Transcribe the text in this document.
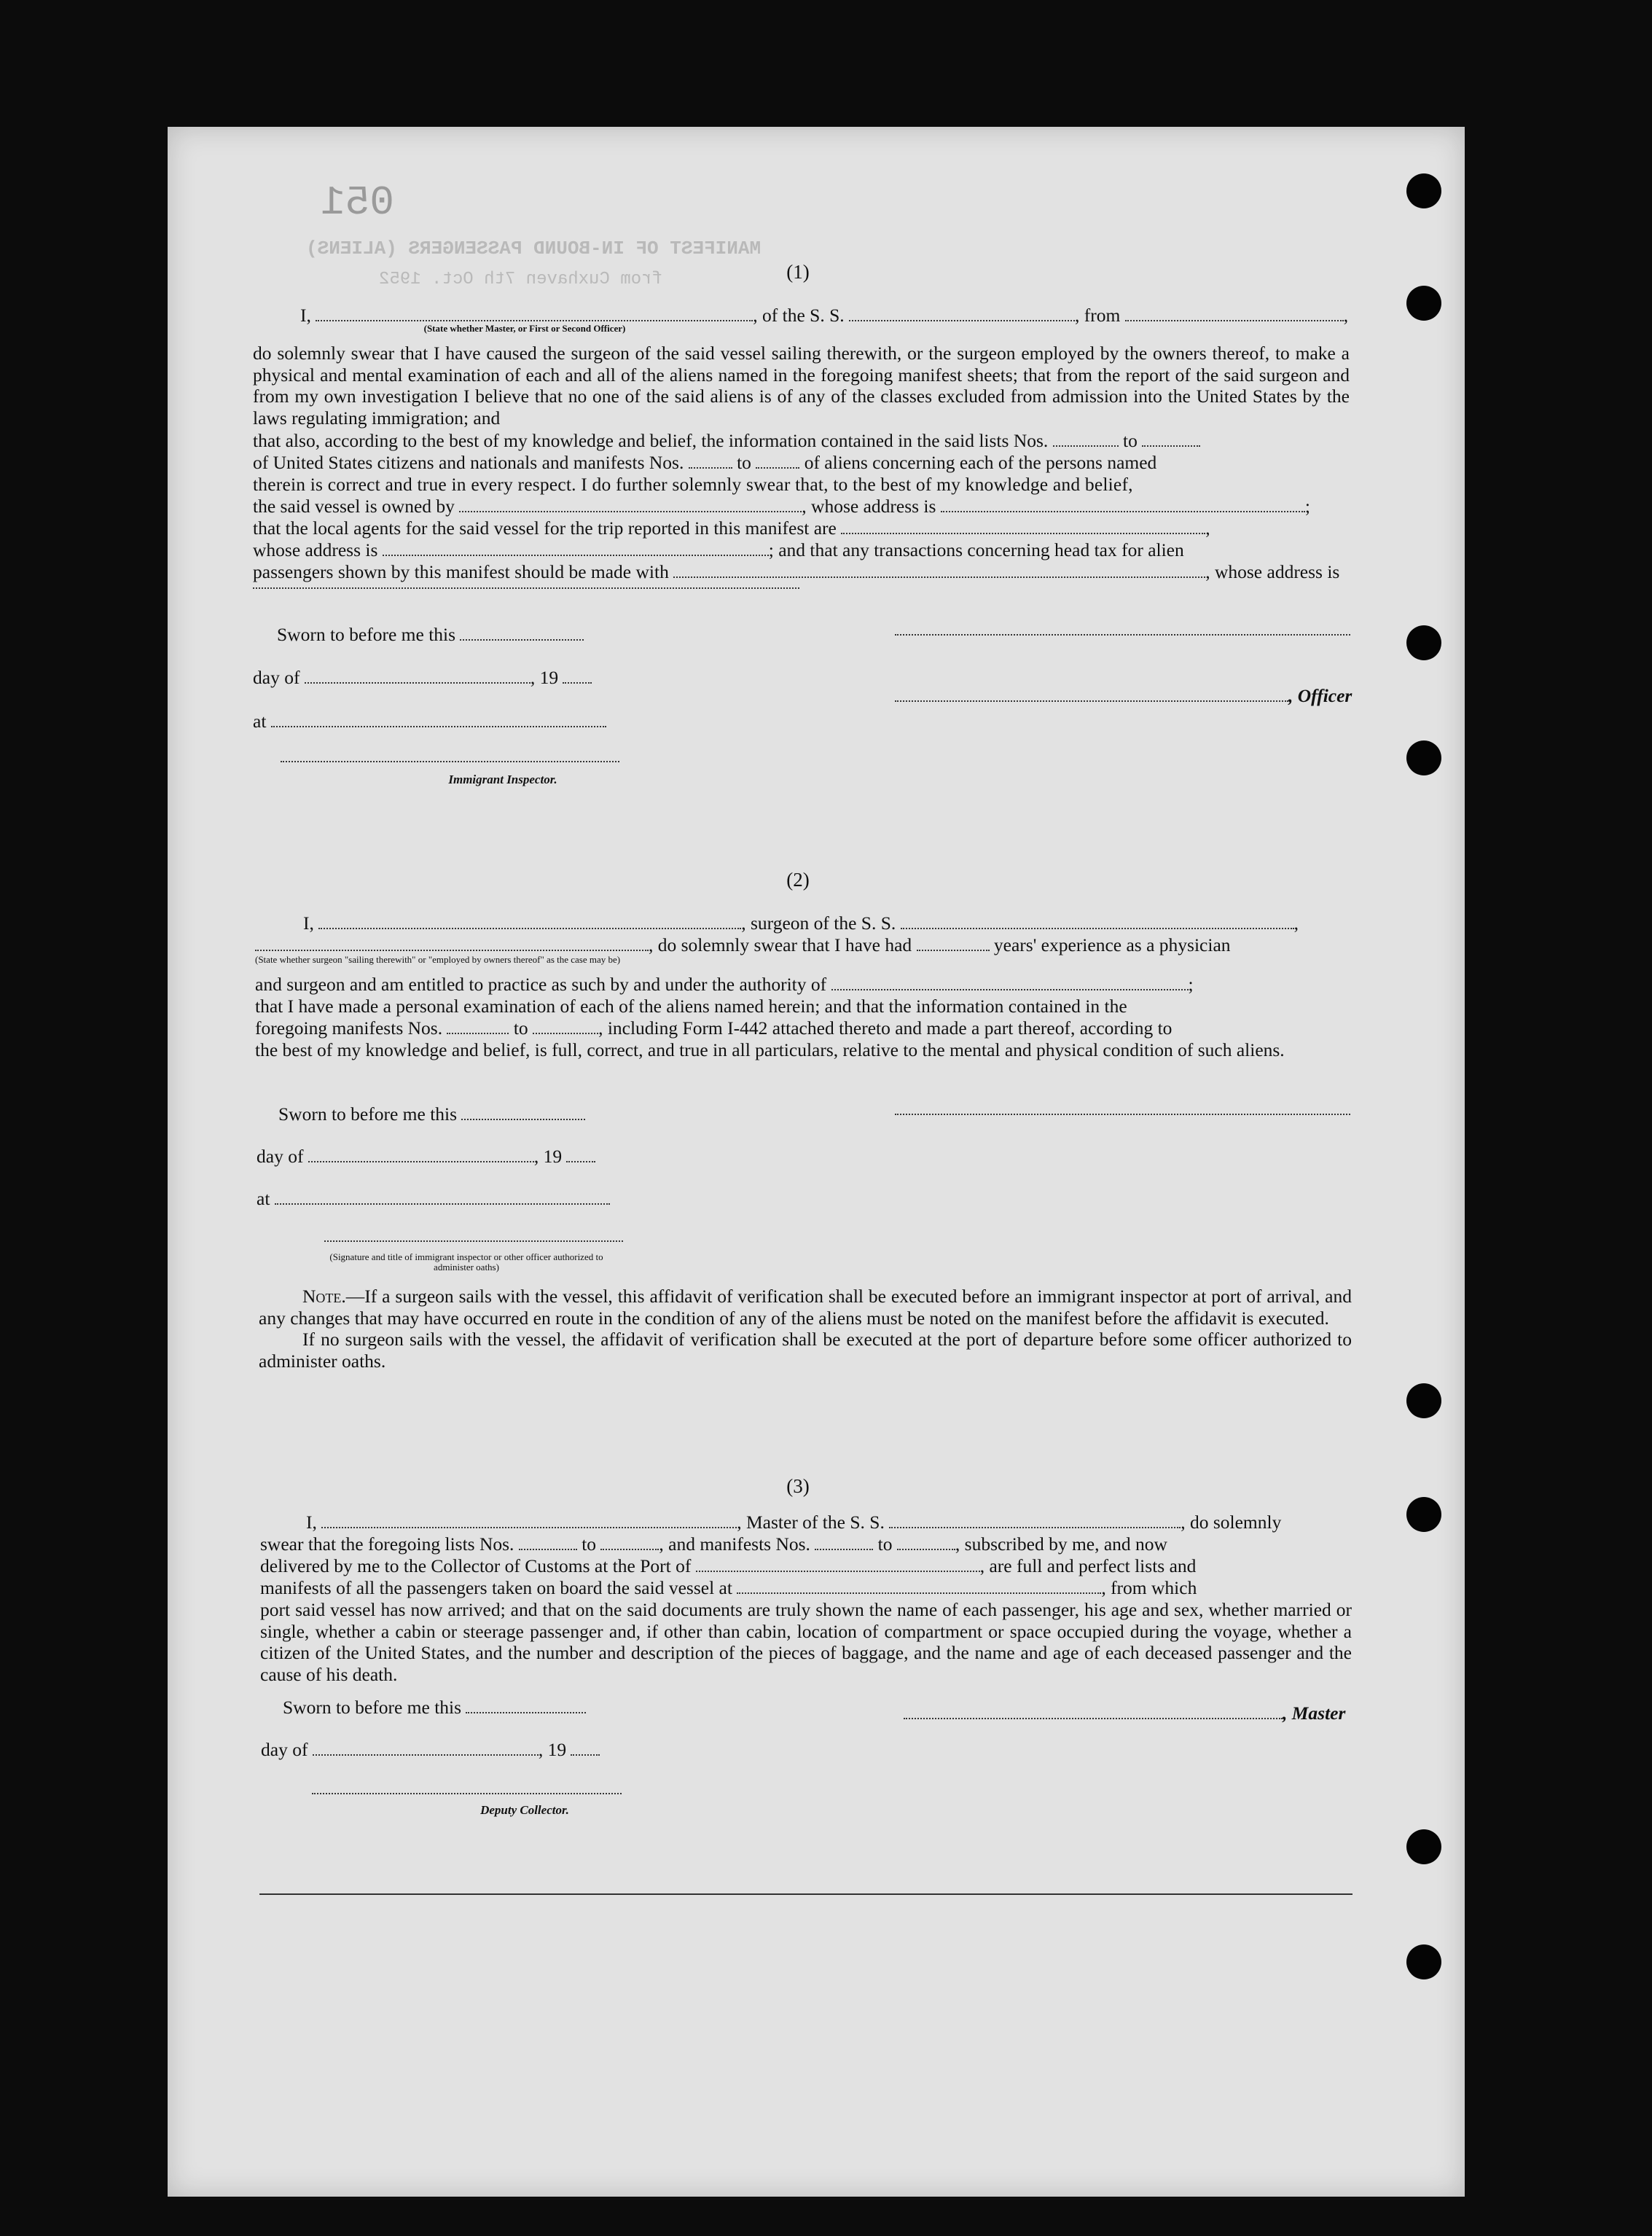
051
MANIFEST OF IN-BOUND PASSENGERS (ALIENS)
from Cuxhaven 7th Oct. 1952	(1)
I,	, of the S. S.	, from	,
(State whether Master, or First or Second Officer)

do solemnly swear that I have caused the surgeon of the said vessel sailing therewith, or the surgeon employed by the owners thereof, to make a physical and mental examination of each and all of the aliens named in the foregoing manifest sheets; that from the report of the said surgeon and from my own investigation I believe that no one of the said aliens is of any of the classes excluded from admission into the United States by the laws regulating immigration; and

that also, according to the best of my knowledge and belief, the information contained in the said lists Nos.	to
of United States citizens and nationals and manifests Nos.	to	of aliens concerning each of the persons named
therein is correct and true in every respect. I do further solemnly swear that, to the best of my knowledge and belief,
the said vessel is owned by	, whose address is	;
that the local agents for the said vessel for the trip reported in this manifest are	,
whose address is	; and that any transactions concerning head tax for alien
passengers shown by this manifest should be made with	, whose address is
Sworn to before me this
day of	, 19
, Officer
at
Immigrant Inspector.
(2)
I,	, surgeon of the S. S.	,
, do solemnly swear that I have had	years' experience as a physician
(State whether surgeon "sailing therewith" or "employed by owners thereof" as the case may be)
and surgeon and am entitled to practice as such by and under the authority of	;
that I have made a personal examination of each of the aliens named herein; and that the information contained in the
foregoing manifests Nos.	to	, including Form I-442 attached thereto and made a part thereof, according to

the best of my knowledge and belief, is full, correct, and true in all particulars, relative to the mental and physical condition of such aliens.

Sworn to before me this
day of	, 19
at
(Signature and title of immigrant inspector or other officer authorized to administer oaths)

Note.—If a surgeon sails with the vessel, this affidavit of verification shall be executed before an immigrant inspector at port of arrival, and any changes that may have occurred en route in the condition of any of the aliens must be noted on the manifest before the affidavit is executed.

If no surgeon sails with the vessel, the affidavit of verification shall be executed at the port of departure before some officer authorized to administer oaths.

(3)
I,	, Master of the S. S.	, do solemnly
swear that the foregoing lists Nos.	to	, and manifests Nos.	to	, subscribed by me, and now
delivered by me to the Collector of Customs at the Port of	, are full and perfect lists and
manifests of all the passengers taken on board the said vessel at	, from which

port said vessel has now arrived; and that on the said documents are truly shown the name of each passenger, his age and sex, whether married or single, whether a cabin or steerage passenger and, if other than cabin, location of compartment or space occupied during the voyage, whether a citizen of the United States, and the number and description of the pieces of baggage, and the name and age of each deceased passenger and the cause of his death.

Sworn to before me this	, Master
day of	, 19
Deputy Collector.
